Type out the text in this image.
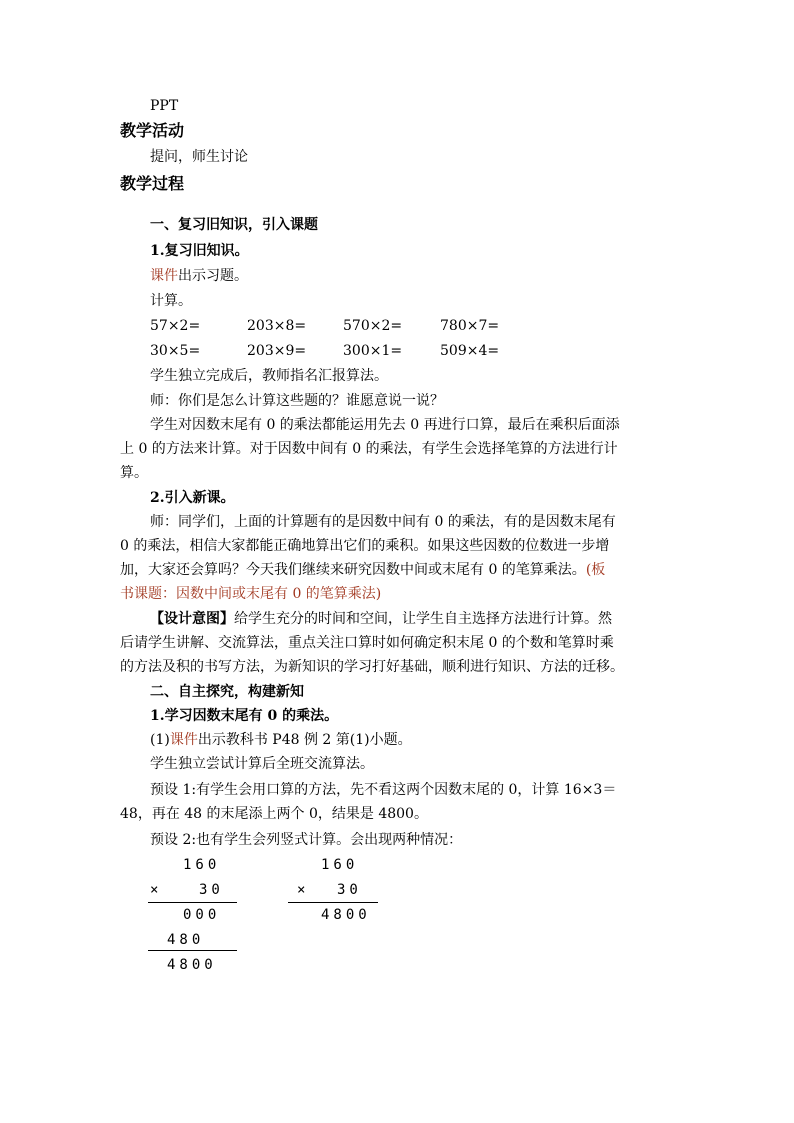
PPT
教学活动
提问，师生讨论
教学过程
一、复习旧知识，引入课题
1.复习旧知识。
课件出示习题。
计算。
57×2=	203×8=	570×2=	780×7=
30×5=	203×9=	300×1=	509×4=
学生独立完成后，教师指名汇报算法。
师：你们是怎么计算这些题的？谁愿意说一说？
学生对因数末尾有 0 的乘法都能运用先去 0 再进行口算，最后在乘积后面添
上 0 的方法来计算。对于因数中间有 0 的乘法，有学生会选择笔算的方法进行计
算。
2.引入新课。
师：同学们，上面的计算题有的是因数中间有 0 的乘法，有的是因数末尾有
0 的乘法，相信大家都能正确地算出它们的乘积。如果这些因数的位数进一步增
加，大家还会算吗？今天我们继续来研究因数中间或末尾有 0 的笔算乘法。(板
书课题：因数中间或末尾有 0 的笔算乘法)
【设计意图】给学生充分的时间和空间，让学生自主选择方法进行计算。然
后请学生讲解、交流算法，重点关注口算时如何确定积末尾 0 的个数和笔算时乘
的方法及积的书写方法，为新知识的学习打好基础，顺利进行知识、方法的迁移。
二、自主探究，构建新知
1.学习因数末尾有 0 的乘法。
(1)课件出示教科书 P48 例 2 第(1)小题。
学生独立尝试计算后全班交流算法。
预设 1:有学生会用口算的方法，先不看这两个因数末尾的 0，计算 16×3＝
48，再在 48 的末尾添上两个 0，结果是 4800。
预设 2:也有学生会列竖式计算。会出现两种情况：
160
×	30
000
480
4800
160
× 30
4800
